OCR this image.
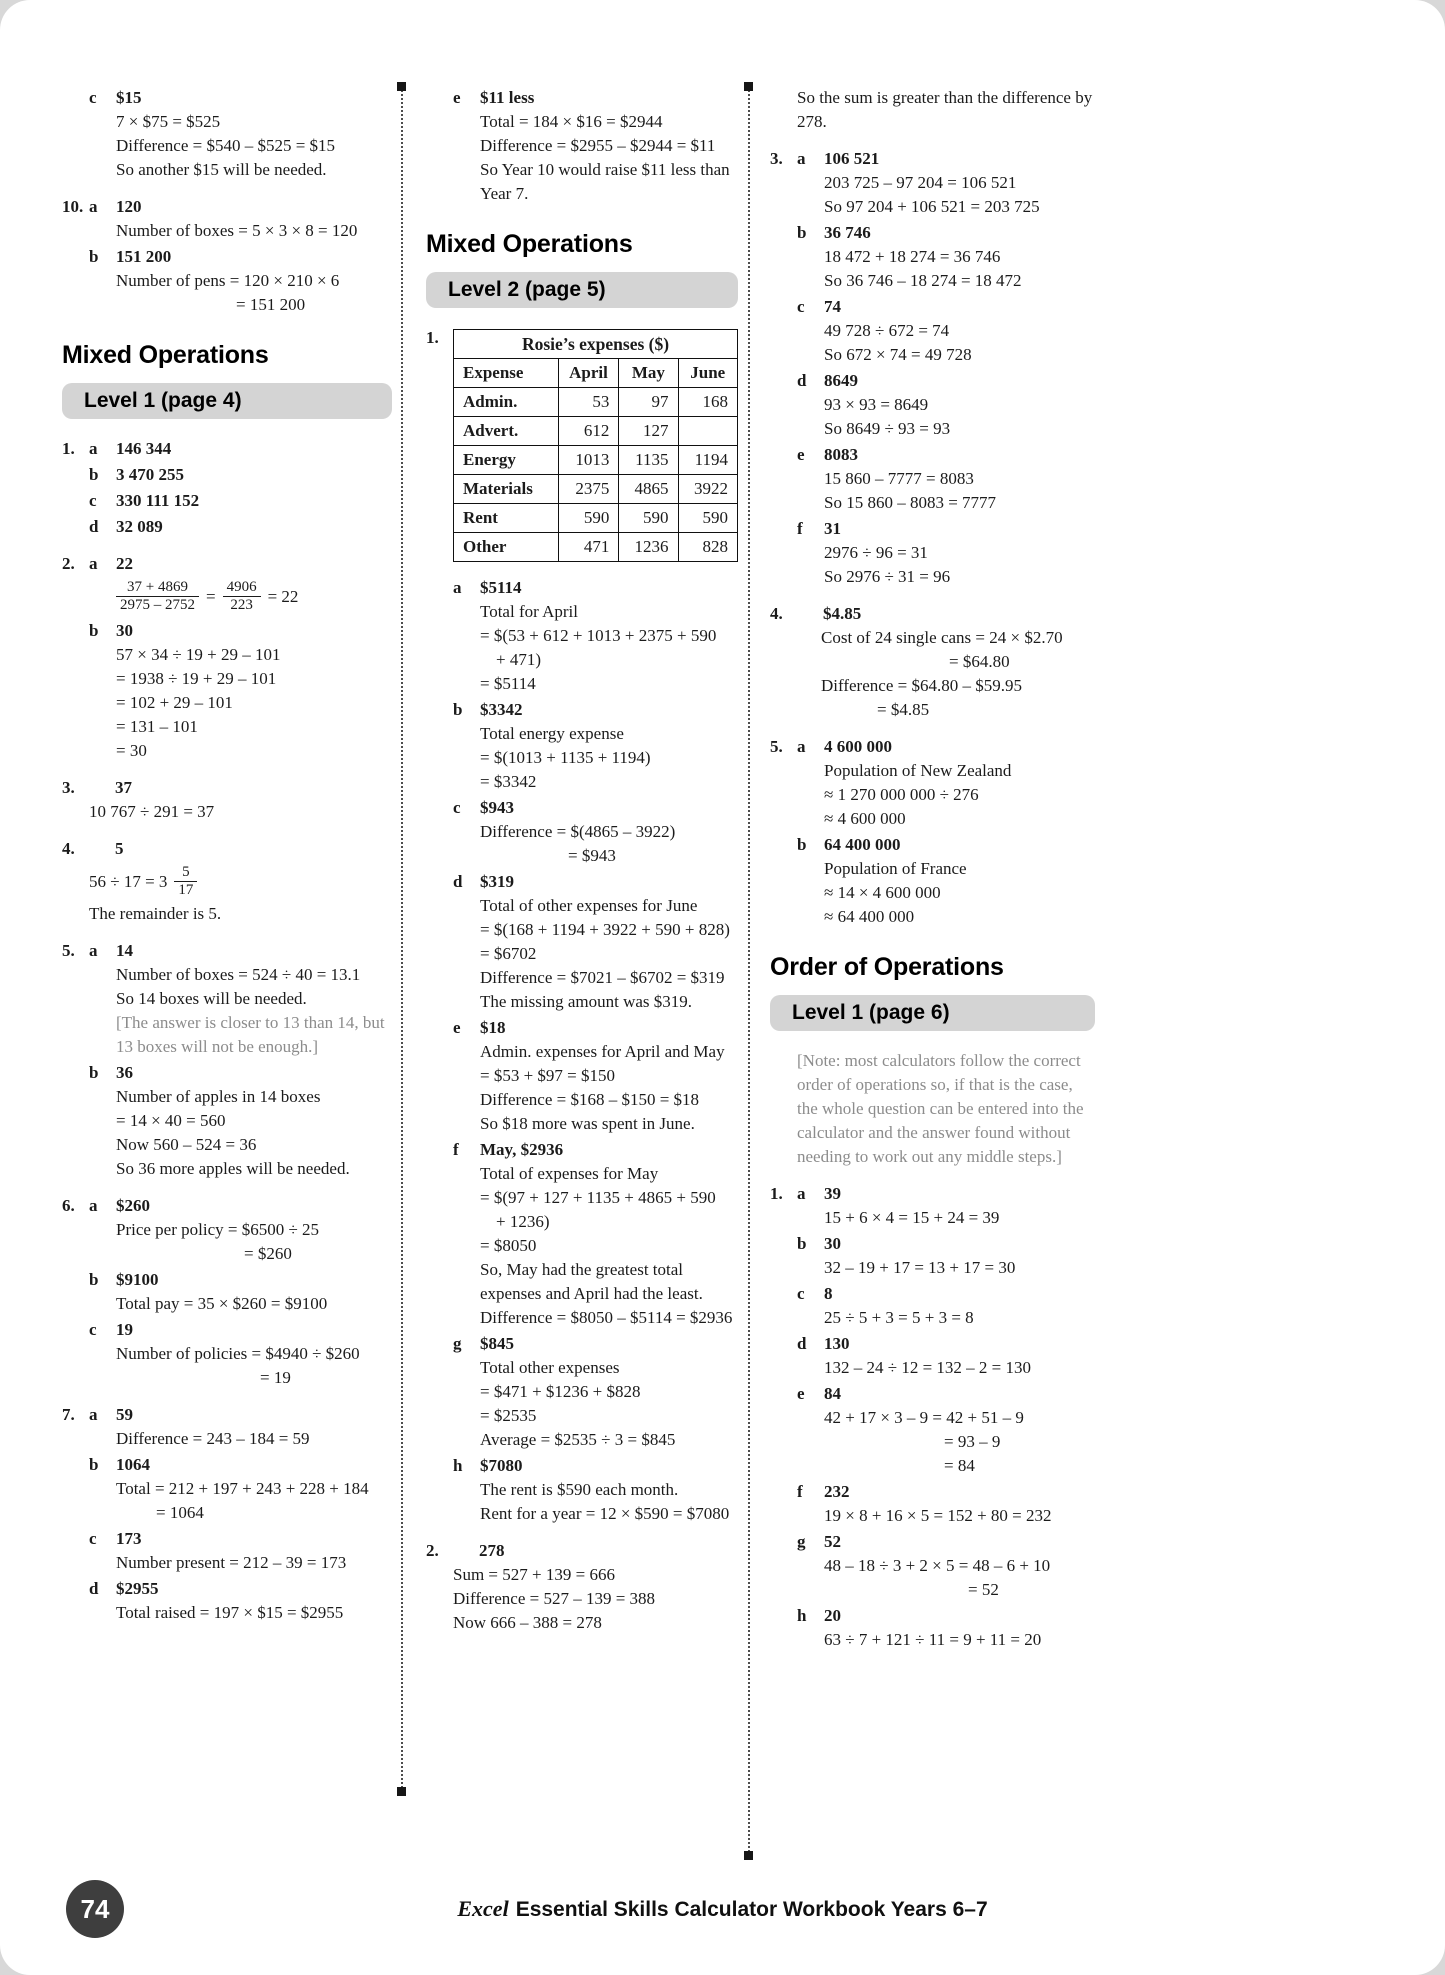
c	$15
7 × $75 = $525
Difference = $540 – $525 = $15
So another $15 will be needed.
10. a	120
Number of boxes = 5 × 3 × 8 = 120
b	151 200
Number of pens = 120 × 210 × 6
= 151 200
Mixed Operations
Level 1 (page 4)
1. a	146 344
b	3 470 255
c	330 111 152
d	32 089
2. a	22
$\frac{37 + 4869}{2975 - 2752} = \frac{4906}{223} = 22$
b	30
57 × 34 ÷ 19 + 29 – 101
= 1938 ÷ 19 + 29 – 101
= 102 + 29 – 101
= 131 – 101
= 30
3.	37
10 767 ÷ 291 = 37
4.	5
$56 \div 17 = 3 \frac{5}{17}$
The remainder is 5.
5. a	14
Number of boxes = 524 ÷ 40 = 13.1
So 14 boxes will be needed.
[The answer is closer to 13 than 14, but 13 boxes will not be enough.]
b	36
Number of apples in 14 boxes
= 14 × 40 = 560
Now 560 – 524 = 36
So 36 more apples will be needed.
6. a	$260
Price per policy = $6500 ÷ 25
= $260
b	$9100
Total pay = 35 × $260 = $9100
c	19
Number of policies = $4940 ÷ $260
= 19
7. a	59
Difference = 243 – 184 = 59
b	1064
Total = 212 + 197 + 243 + 228 + 184
= 1064
c	173
Number present = 212 – 39 = 173
d	$2955
Total raised = 197 × $15 = $2955
e	$11 less
Total = 184 × $16 = $2944
Difference = $2955 – $2944 = $11
So Year 10 would raise $11 less than Year 7.
Mixed Operations
Level 2 (page 5)
1.	Rosie’s expenses ($)			
Expense	April	May	June
Admin.	53	97	168
Advert.	612	127	
Energy	1013	1135	1194
Materials	2375	4865	3922
Rent	590	590	590
Other	471	1236	828
a	$5114
Total for April
= $(53 + 612 + 1013 + 2375 + 590
+ 471)
= $5114
b	$3342
Total energy expense
= $(1013 + 1135 + 1194)
= $3342
c	$943
Difference = $(4865 – 3922)
= $943
d	$319
Total of other expenses for June
= $(168 + 1194 + 3922 + 590 + 828)
= $6702
Difference = $7021 – $6702 = $319
The missing amount was $319.
e	$18
Admin. expenses for April and May
= $53 + $97 = $150
Difference = $168 – $150 = $18
So $18 more was spent in June.
f	May, $2936
Total of expenses for May
= $(97 + 127 + 1135 + 4865 + 590
+ 1236)
= $8050
So, May had the greatest total expenses and April had the least.
Difference = $8050 – $5114 = $2936
g	$845
Total other expenses
= $471 + $1236 + $828
= $2535
Average = $2535 ÷ 3 = $845
h	$7080
The rent is $590 each month.
Rent for a year = 12 × $590 = $7080
2.	278
Sum = 527 + 139 = 666
Difference = 527 – 139 = 388
Now 666 – 388 = 278
So the sum is greater than the difference by 278.
3. a	106 521
203 725 – 97 204 = 106 521
So 97 204 + 106 521 = 203 725
b	36 746
18 472 + 18 274 = 36 746
So 36 746 – 18 274 = 18 472
c	74
49 728 ÷ 672 = 74
So 672 × 74 = 49 728
d	8649
93 × 93 = 8649
So 8649 ÷ 93 = 93
e	8083
15 860 – 7777 = 8083
So 15 860 – 8083 = 7777
f	31
2976 ÷ 96 = 31
So 2976 ÷ 31 = 96
4.	$4.85
Cost of 24 single cans = 24 × $2.70
= $64.80
Difference = $64.80 – $59.95
= $4.85
5. a	4 600 000
Population of New Zealand
≈ 1 270 000 000 ÷ 276
≈ 4 600 000
b	64 400 000
Population of France
≈ 14 × 4 600 000
≈ 64 400 000
Order of Operations
Level 1 (page 6)
[Note: most calculators follow the correct order of operations so, if that is the case, the whole question can be entered into the calculator and the answer found without needing to work out any middle steps.]
1. a	39
15 + 6 × 4 = 15 + 24 = 39
b	30
32 – 19 + 17 = 13 + 17 = 30
c	8
25 ÷ 5 + 3 = 5 + 3 = 8
d	130
132 – 24 ÷ 12 = 132 – 2 = 130
e	84
42 + 17 × 3 – 9 = 42 + 51 – 9
= 93 – 9
= 84
f	232
19 × 8 + 16 × 5 = 152 + 80 = 232
g	52
48 – 18 ÷ 3 + 2 × 5 = 48 – 6 + 10
= 52
h	20
63 ÷ 7 + 121 ÷ 11 = 9 + 11 = 20
74	Excel Essential Skills Calculator Workbook Years 6–7
